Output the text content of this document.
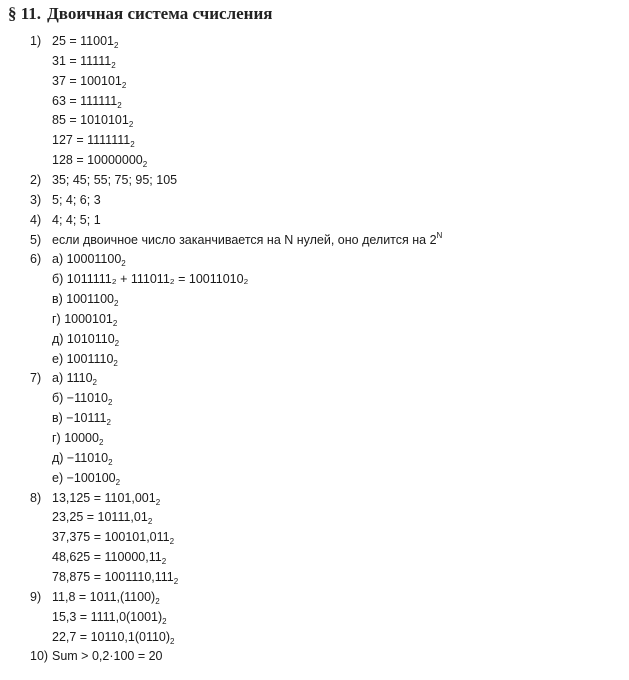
§ 11. Двоичная система счисления
1) $25 = 11001_2$
$31 = 11111_2$
$37 = 100101_2$
$63 = 111111_2$
$85 = 1010101_2$
$127 = 1111111_2$
$128 = 10000000_2$
2) 35; 45; 55; 75; 95; 105
3) 5; 4; 6; 3
4) 4; 4; 5; 1
5) если двоичное число заканчивается на N нулей, оно делится на $2^N$
6) а) $10001100_2$
б) 1011111₂ + 111011₂ = 10011010₂
в) $1001100_2$
г) $1000101_2$
д) $1010110_2$
е) $1001110_2$
7) а) $1110_2$
$б) -11010_2$
$в) -10111_2$
г) $10000_2$
$д) -11010_2$
$е) -100100_2$
8) $13,125 = 1101,001_2$
$23,25 = 10111,01_2$
$37,375 = 100101,011_2$
$48,625 = 110000,11_2$
$78,875 = 1001110,111_2$
9) $11,8 = 1011,(1100)_2$
$15,3 = 1111,0(1001)_2$
$22,7 = 10110,1(0110)_2$
10) Sum > 0,2·100 = 20
